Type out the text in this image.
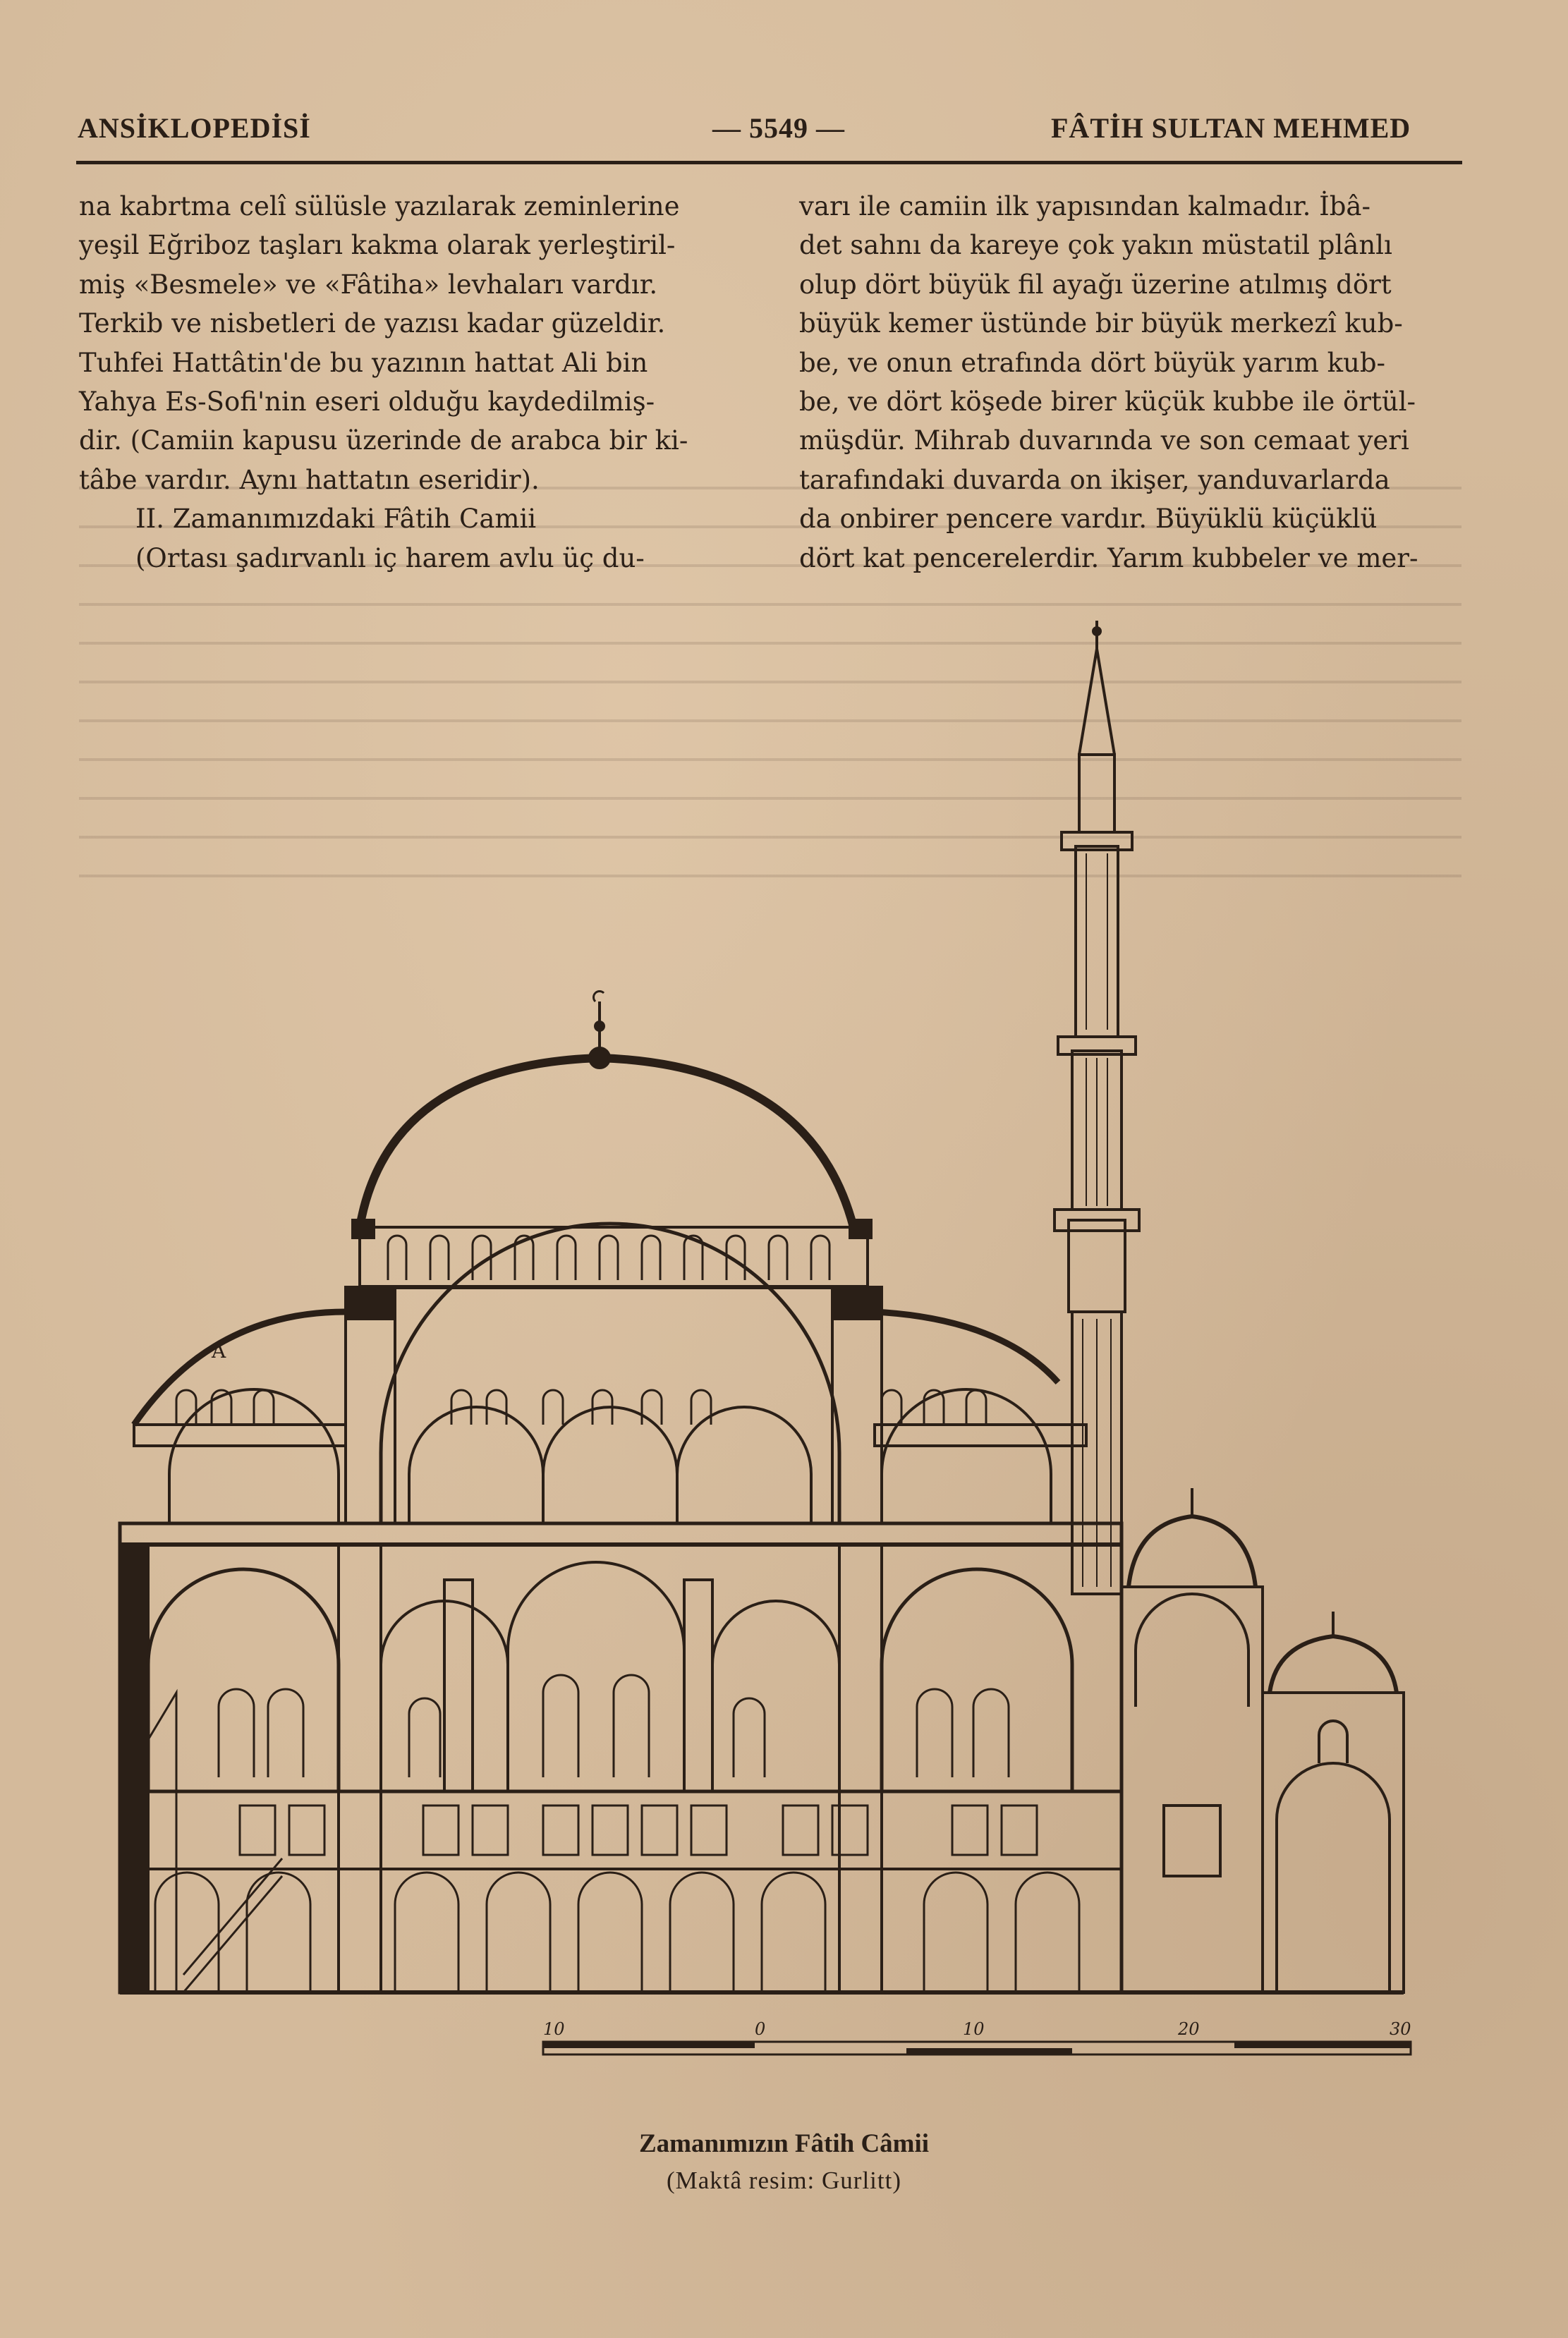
ANSİKLOPEDİSİ	— 5549 —	FÂTİH SULTAN MEHMED
na kabrtma celî sülüsle yazılarak zeminlerine
yeşil Eğriboz taşları kakma olarak yerleştiril-
miş «Besmele» ve «Fâtiha» levhaları vardır.
Terkib ve nisbetleri de yazısı kadar güzeldir.
Tuhfei Hattâtin'de bu yazının hattat Ali bin
Yahya Es-Sofi'nin eseri olduğu kaydedilmiş-
dir. (Camiin kapusu üzerinde de arabca bir ki-
tâbe vardır. Aynı hattatın eseridir).
II. Zamanımızdaki Fâtih Camii
(Ortası şadırvanlı iç harem avlu üç du-
varı ile camiin ilk yapısından kalmadır. İbâ-
det sahnı da kareye çok yakın müstatil plânlı
olup dört büyük fil ayağı üzerine atılmış dört
büyük kemer üstünde bir büyük merkezî kub-
be, ve onun etrafında dört büyük yarım kub-
be, ve dört köşede birer küçük kubbe ile örtül-
müşdür. Mihrab duvarında ve son cemaat yeri
tarafındaki duvarda on ikişer, yanduvarlarda
da onbirer pencere vardır. Büyüklü küçüklü
dört kat pencerelerdir. Yarım kubbeler ve mer-
A
10	0	10	20	30
Zamanımızın Fâtih Câmii
(Maktâ resim: Gurlitt)
